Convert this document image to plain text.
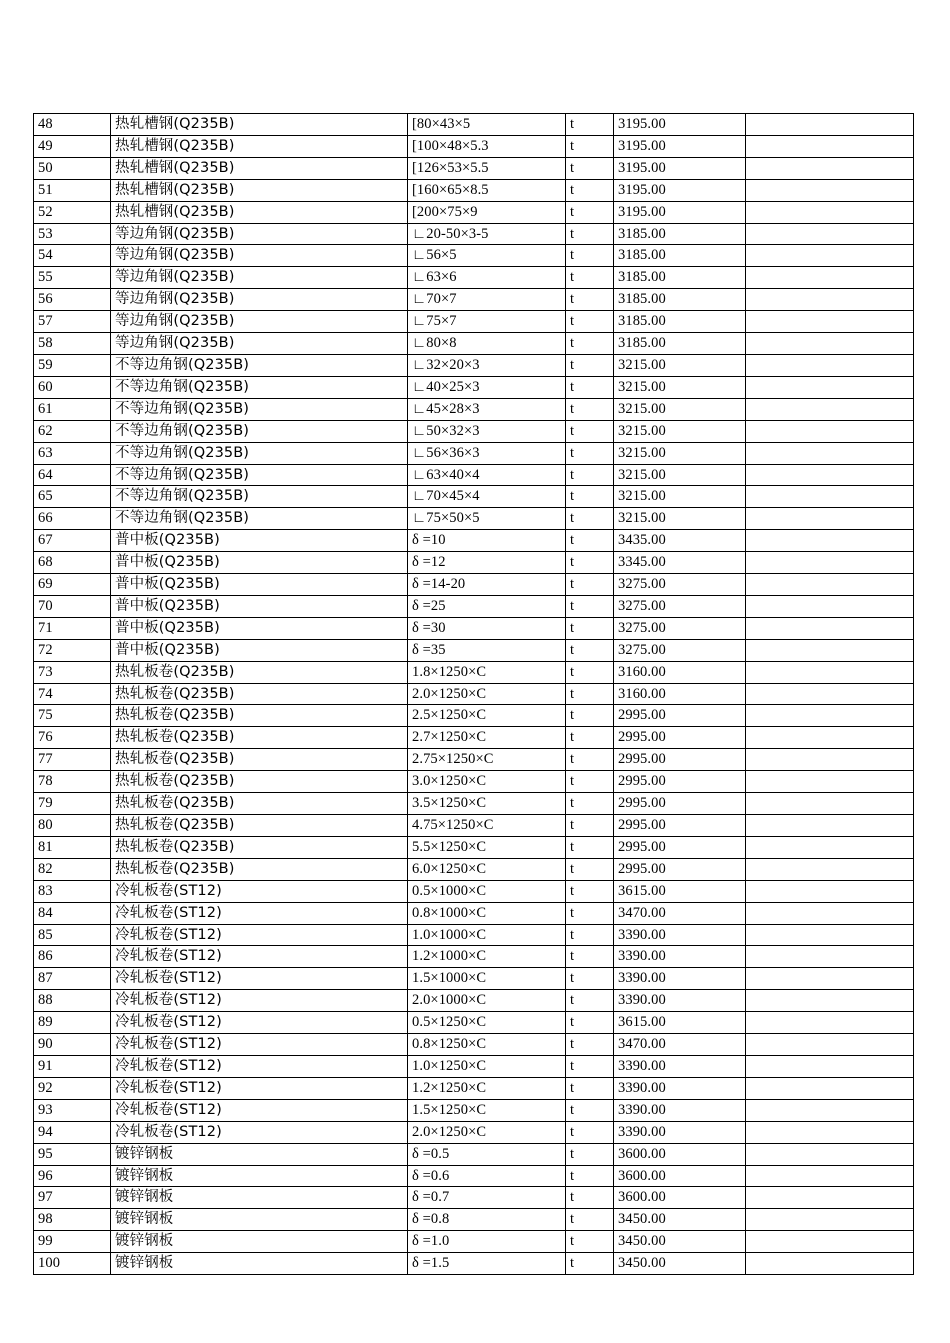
48	热轧槽钢(Q235B)	[80×43×5	t	3195.00	
49	热轧槽钢(Q235B)	[100×48×5.3	t	3195.00	
50	热轧槽钢(Q235B)	[126×53×5.5	t	3195.00	
51	热轧槽钢(Q235B)	[160×65×8.5	t	3195.00	
52	热轧槽钢(Q235B)	[200×75×9	t	3195.00	
53	等边角钢(Q235B)	∟20-50×3-5	t	3185.00	
54	等边角钢(Q235B)	∟56×5	t	3185.00	
55	等边角钢(Q235B)	∟63×6	t	3185.00	
56	等边角钢(Q235B)	∟70×7	t	3185.00	
57	等边角钢(Q235B)	∟75×7	t	3185.00	
58	等边角钢(Q235B)	∟80×8	t	3185.00	
59	不等边角钢(Q235B)	∟32×20×3	t	3215.00	
60	不等边角钢(Q235B)	∟40×25×3	t	3215.00	
61	不等边角钢(Q235B)	∟45×28×3	t	3215.00	
62	不等边角钢(Q235B)	∟50×32×3	t	3215.00	
63	不等边角钢(Q235B)	∟56×36×3	t	3215.00	
64	不等边角钢(Q235B)	∟63×40×4	t	3215.00	
65	不等边角钢(Q235B)	∟70×45×4	t	3215.00	
66	不等边角钢(Q235B)	∟75×50×5	t	3215.00	
67	普中板(Q235B)	δ =10	t	3435.00	
68	普中板(Q235B)	δ =12	t	3345.00	
69	普中板(Q235B)	δ =14-20	t	3275.00	
70	普中板(Q235B)	δ =25	t	3275.00	
71	普中板(Q235B)	δ =30	t	3275.00	
72	普中板(Q235B)	δ =35	t	3275.00	
73	热轧板卷(Q235B)	1.8×1250×C	t	3160.00	
74	热轧板卷(Q235B)	2.0×1250×C	t	3160.00	
75	热轧板卷(Q235B)	2.5×1250×C	t	2995.00	
76	热轧板卷(Q235B)	2.7×1250×C	t	2995.00	
77	热轧板卷(Q235B)	2.75×1250×C	t	2995.00	
78	热轧板卷(Q235B)	3.0×1250×C	t	2995.00	
79	热轧板卷(Q235B)	3.5×1250×C	t	2995.00	
80	热轧板卷(Q235B)	4.75×1250×C	t	2995.00	
81	热轧板卷(Q235B)	5.5×1250×C	t	2995.00	
82	热轧板卷(Q235B)	6.0×1250×C	t	2995.00	
83	冷轧板卷(ST12)	0.5×1000×C	t	3615.00	
84	冷轧板卷(ST12)	0.8×1000×C	t	3470.00	
85	冷轧板卷(ST12)	1.0×1000×C	t	3390.00	
86	冷轧板卷(ST12)	1.2×1000×C	t	3390.00	
87	冷轧板卷(ST12)	1.5×1000×C	t	3390.00	
88	冷轧板卷(ST12)	2.0×1000×C	t	3390.00	
89	冷轧板卷(ST12)	0.5×1250×C	t	3615.00	
90	冷轧板卷(ST12)	0.8×1250×C	t	3470.00	
91	冷轧板卷(ST12)	1.0×1250×C	t	3390.00	
92	冷轧板卷(ST12)	1.2×1250×C	t	3390.00	
93	冷轧板卷(ST12)	1.5×1250×C	t	3390.00	
94	冷轧板卷(ST12)	2.0×1250×C	t	3390.00	
95	镀锌钢板	δ =0.5	t	3600.00	
96	镀锌钢板	δ =0.6	t	3600.00	
97	镀锌钢板	δ =0.7	t	3600.00	
98	镀锌钢板	δ =0.8	t	3450.00	
99	镀锌钢板	δ =1.0	t	3450.00	
100	镀锌钢板	δ =1.5	t	3450.00	
